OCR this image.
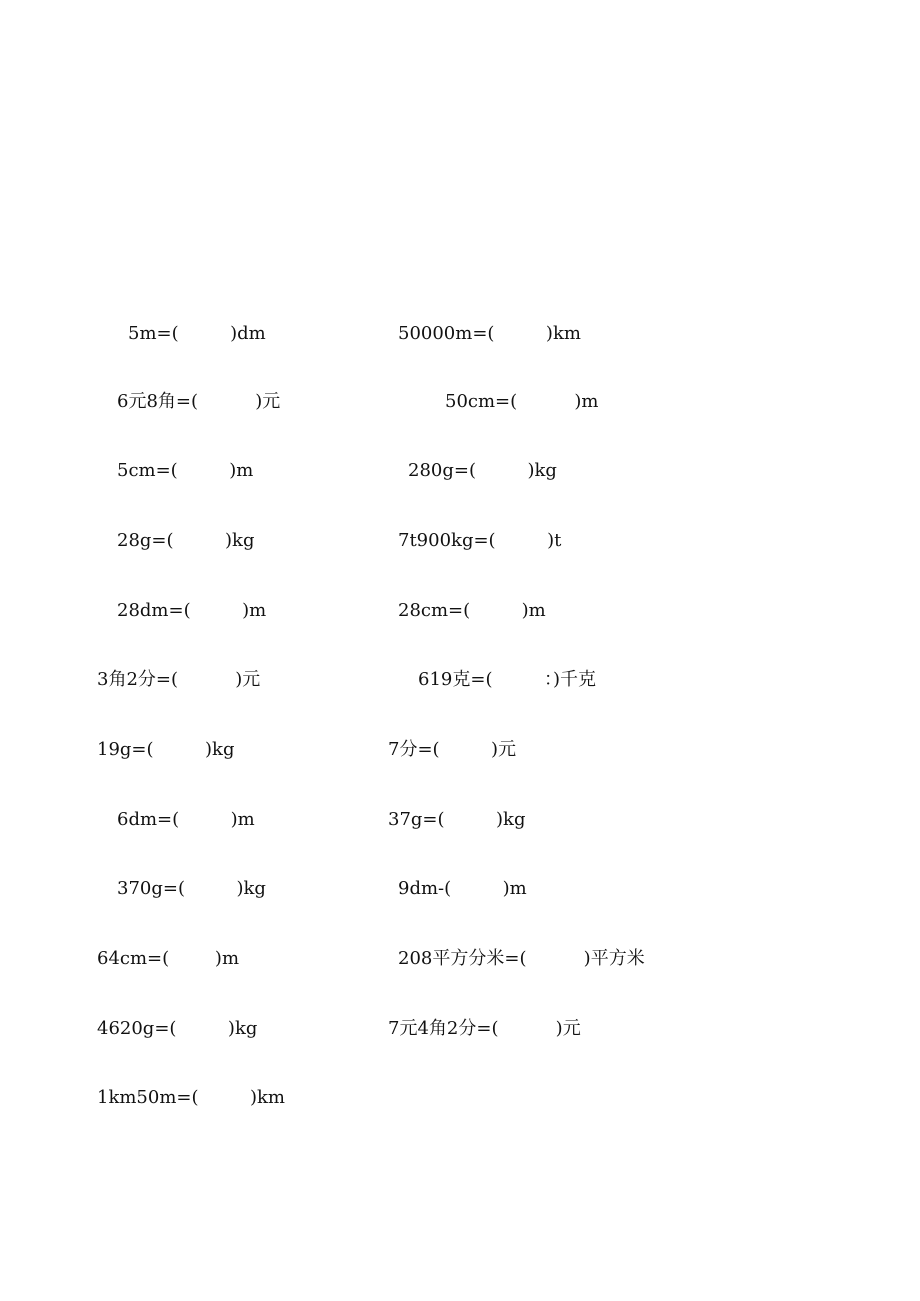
5m=(         )dm	50000m=(         )km
6元8角=(          )元	50cm=(          )m
5cm=(         )m	280g=(         )kg
28g=(         )kg	7t900kg=(         )t
28dm=(         )m	28cm=(         )m
3角2分=(          )元	619克=(         ：)千克
19g=(         )kg	7分=(         )元
6dm=(         )m	37g=(         )kg
370g=(         )kg	9dm-(         )m
64cm=(        )m	208平方分米=(          )平方米
4620g=(         )kg	7元4角2分=(          )元
1km50m=(         )km
